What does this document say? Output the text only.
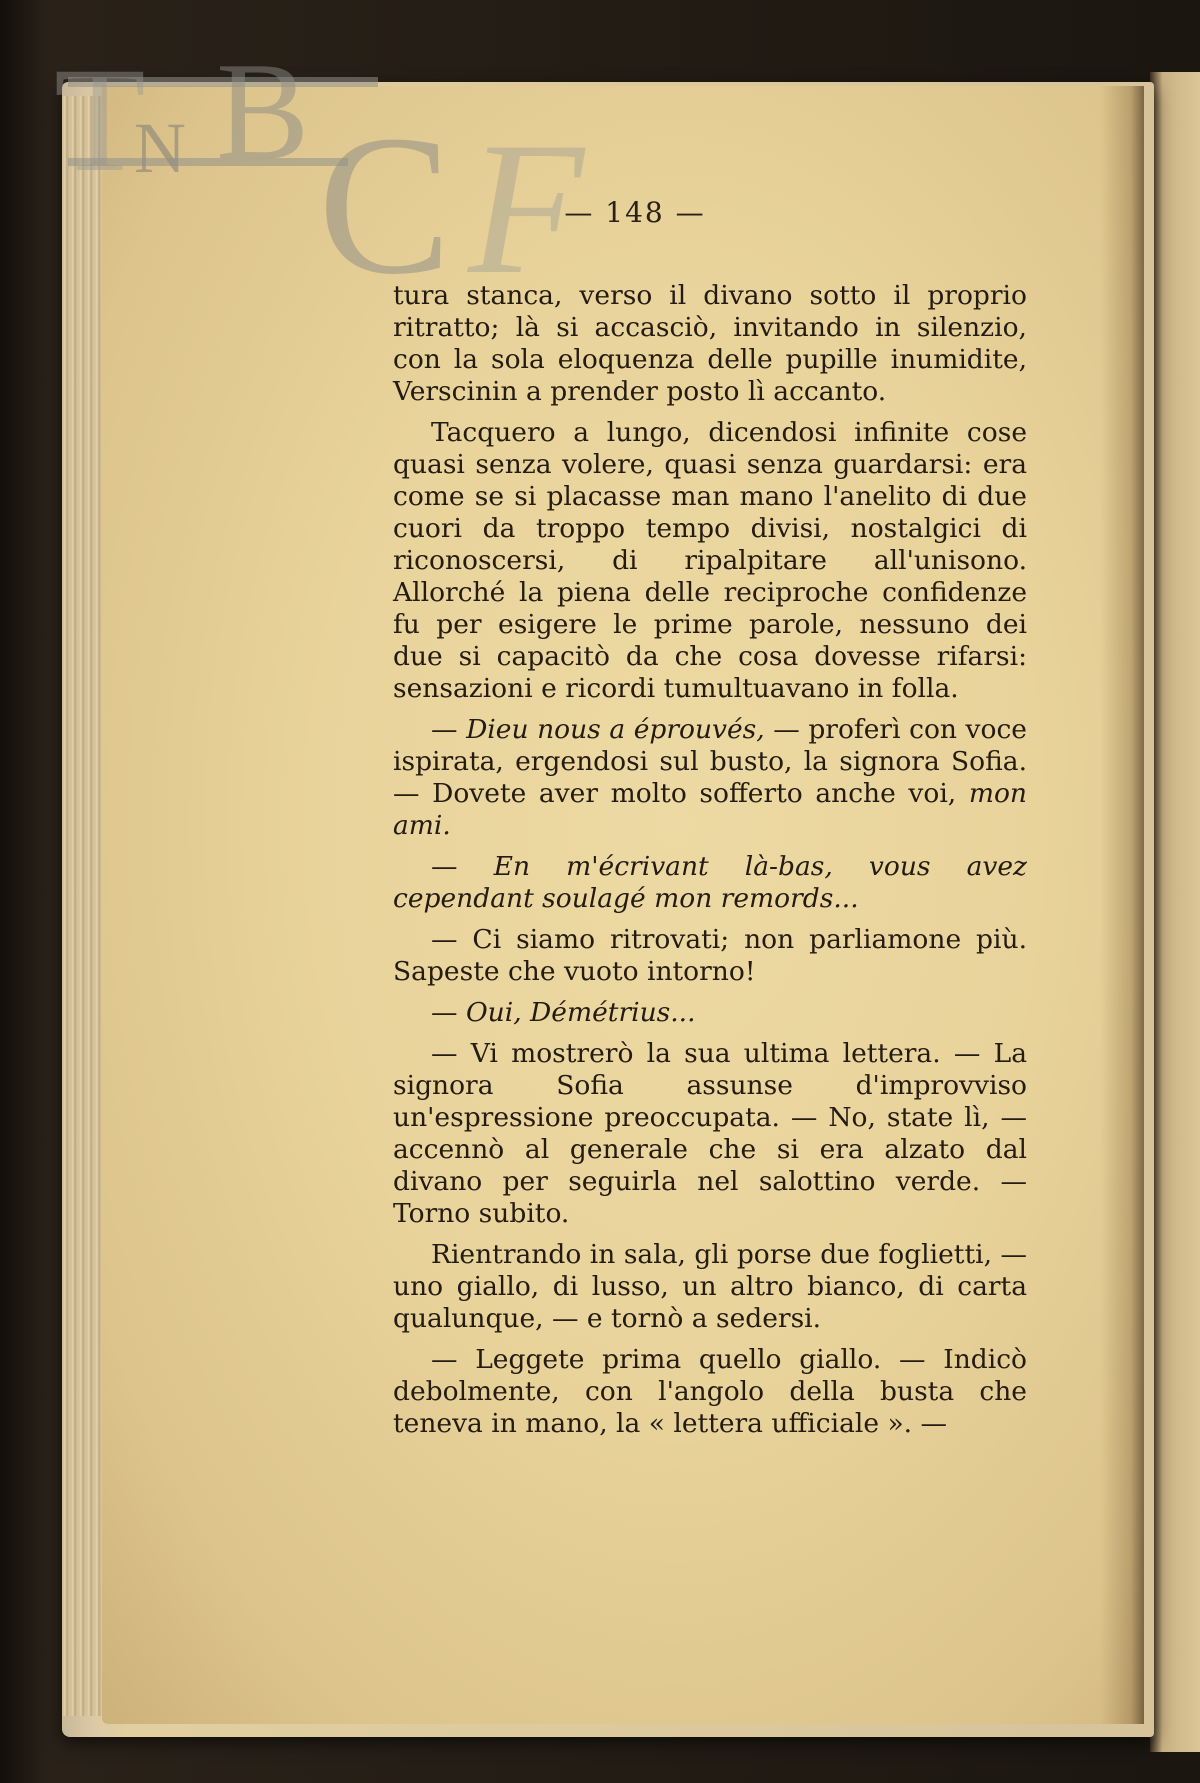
T
N B C F
— 148 —

tura stanca, verso il divano sotto il proprio ritratto; là si accasciò, invitando in silenzio, con la sola eloquenza delle pupille inumidite, Verscinin a prender posto lì accanto.

Tacquero a lungo, dicendosi infinite cose quasi senza volere, quasi senza guardarsi: era come se si placasse man mano l'anelito di due cuori da troppo tempo divisi, nostalgici di riconoscersi, di ripalpitare all'unisono. Allorché la piena delle reciproche confidenze fu per esigere le prime parole, nessuno dei due si capacitò da che cosa dovesse rifarsi: sensazioni e ricordi tumultuavano in folla.

— Dieu nous a éprouvés, — proferì con voce ispirata, ergendosi sul busto, la signora Sofia. — Dovete aver molto sofferto anche voi, mon ami.

— En m'écrivant là-bas, vous avez cependant soulagé mon remords...

— Ci siamo ritrovati; non parliamone più. Sapeste che vuoto intorno!

— Oui, Démétrius...

— Vi mostrerò la sua ultima lettera. — La signora Sofia assunse d'improvviso un'espressione preoccupata. — No, state lì, — accennò al generale che si era alzato dal divano per seguirla nel salottino verde. — Torno subito.

Rientrando in sala, gli porse due foglietti, — uno giallo, di lusso, un altro bianco, di carta qualunque, — e tornò a sedersi.

— Leggete prima quello giallo. — Indicò debolmente, con l'angolo della busta che teneva in mano, la « lettera ufficiale ». —
